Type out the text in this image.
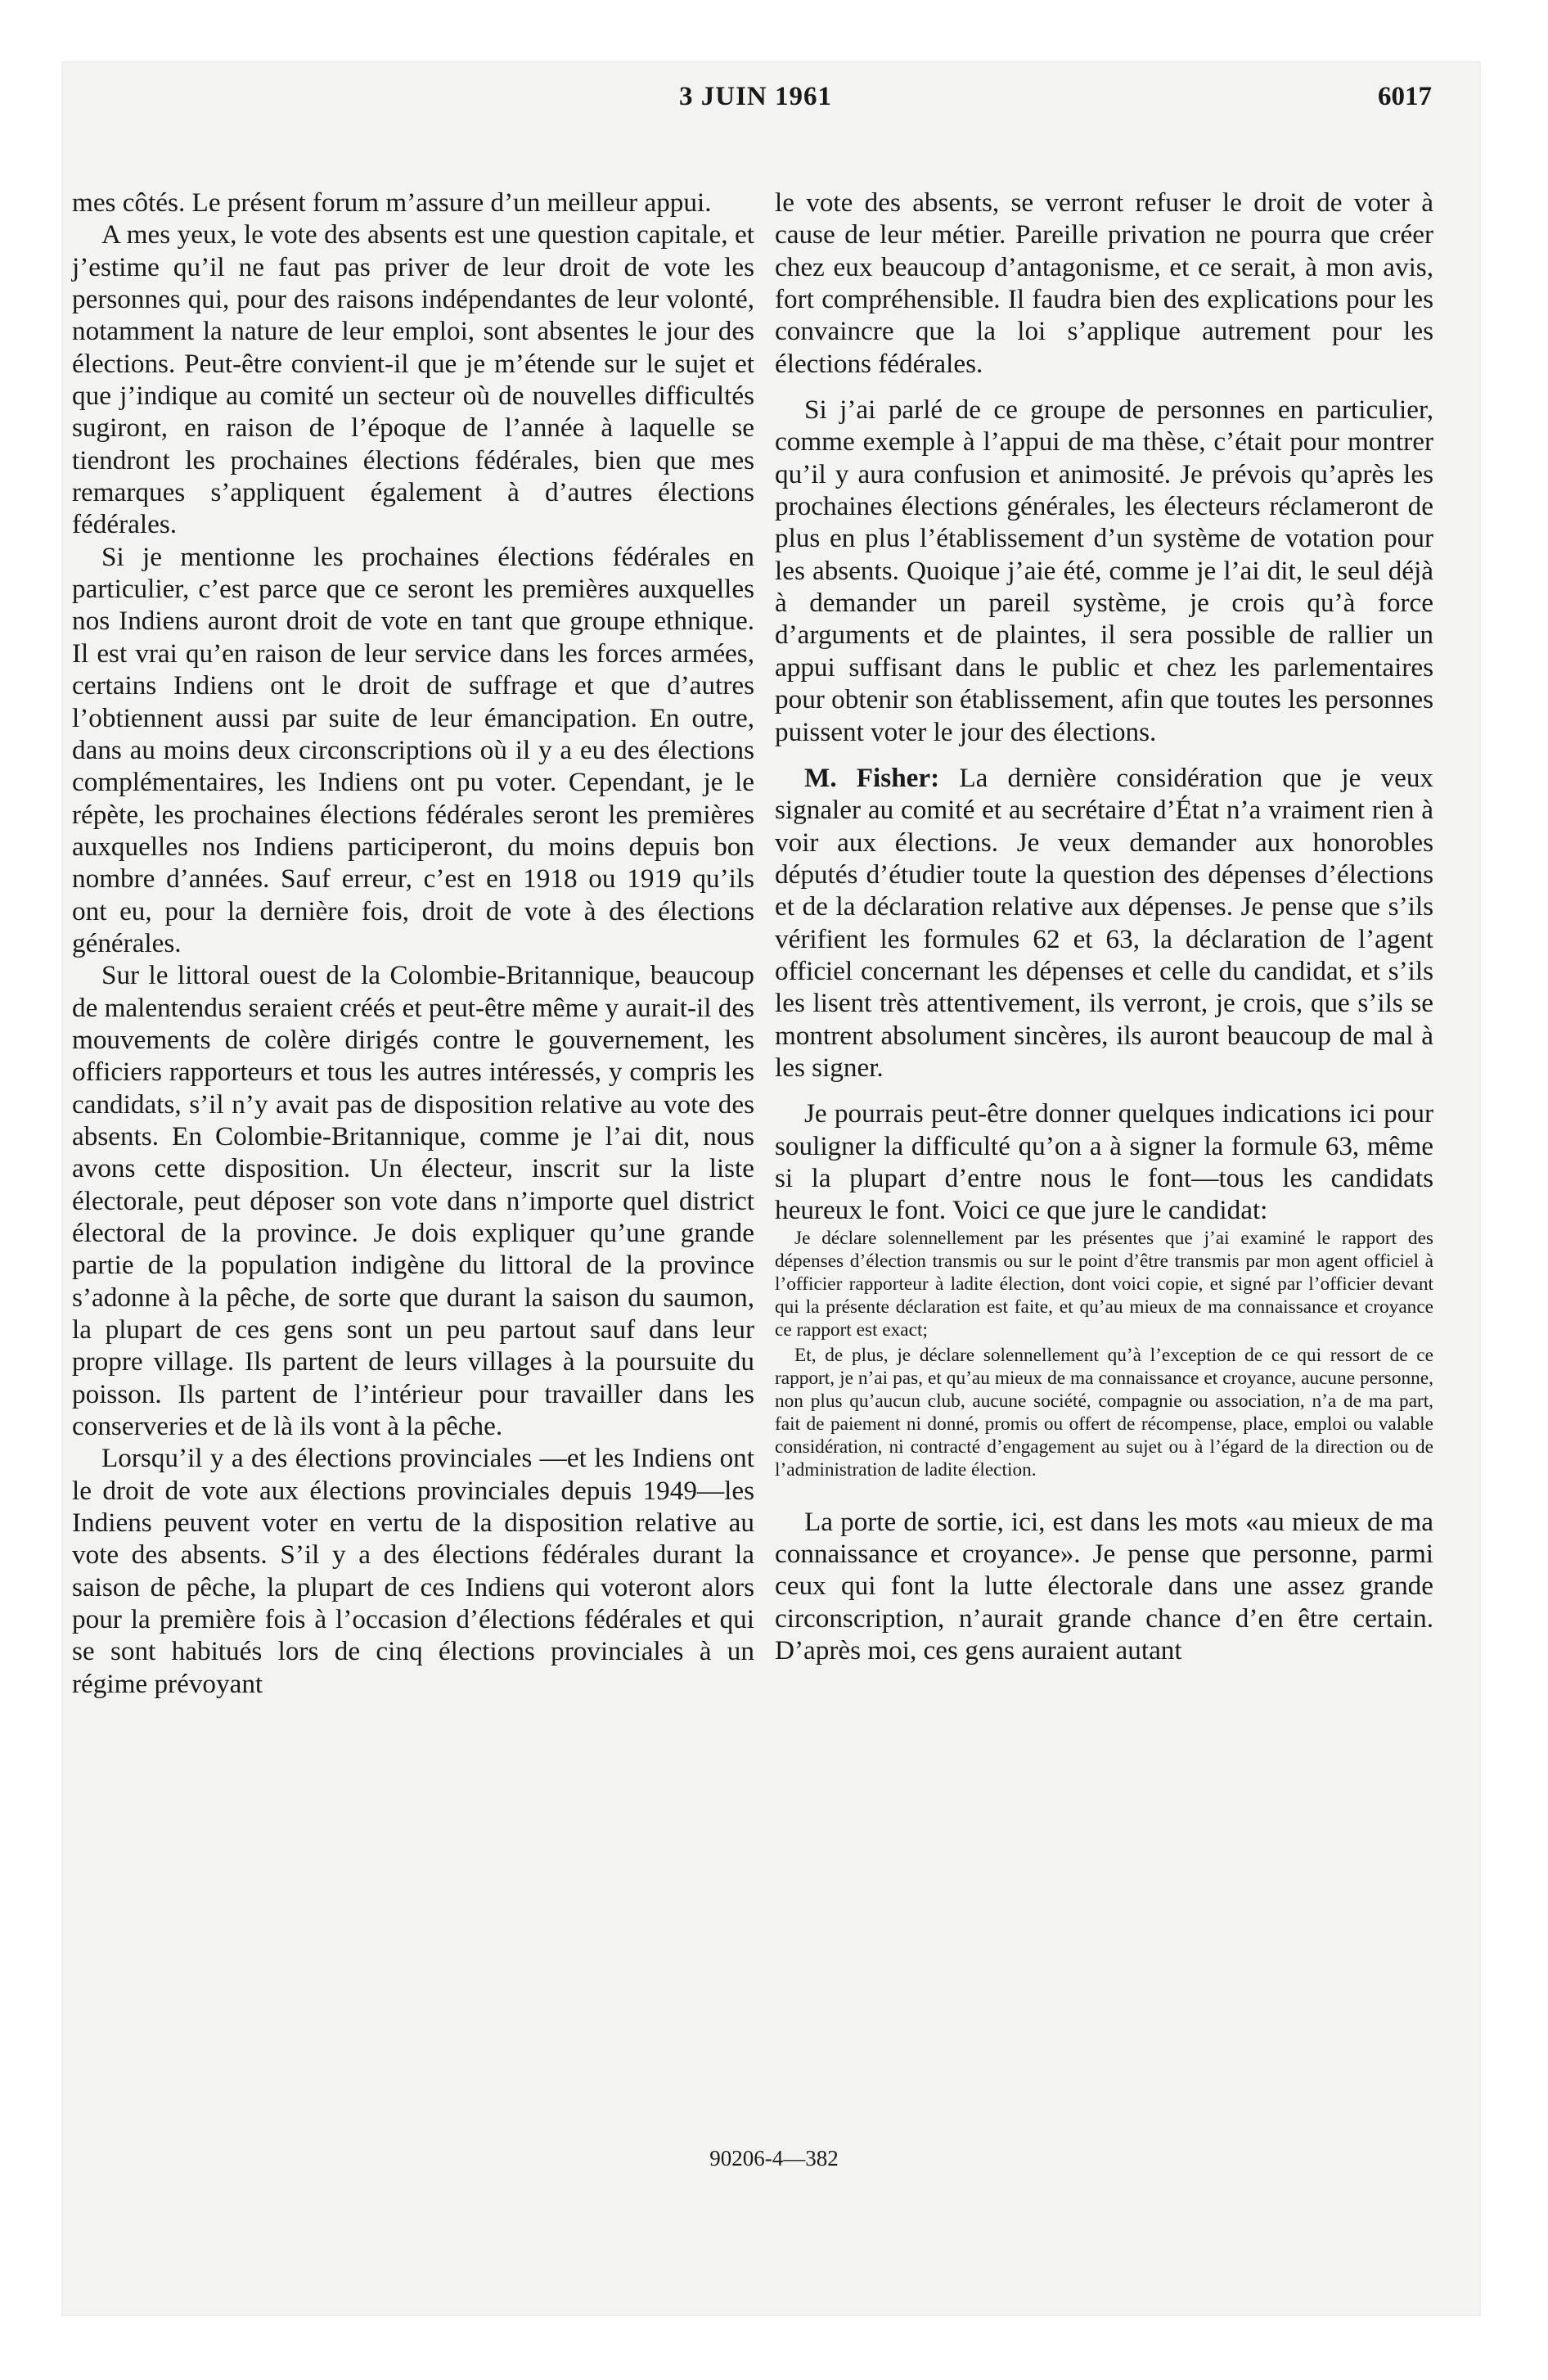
3 JUIN 1961	6017

mes côtés. Le présent forum m’assure d’un meilleur appui.

A mes yeux, le vote des absents est une question capitale, et j’estime qu’il ne faut pas priver de leur droit de vote les personnes qui, pour des raisons indépendantes de leur volonté, notamment la nature de leur emploi, sont absentes le jour des élections. Peut-être convient-il que je m’étende sur le sujet et que j’indique au comité un secteur où de nouvelles difficultés sugiront, en raison de l’époque de l’année à laquelle se tiendront les prochaines élections fédérales, bien que mes remarques s’appliquent également à d’autres élections fédérales.

Si je mentionne les prochaines élections fédérales en particulier, c’est parce que ce seront les premières auxquelles nos Indiens auront droit de vote en tant que groupe ethnique. Il est vrai qu’en raison de leur service dans les forces armées, certains Indiens ont le droit de suffrage et que d’autres l’obtiennent aussi par suite de leur émancipation. En outre, dans au moins deux circonscriptions où il y a eu des élections complémentaires, les Indiens ont pu voter. Cependant, je le répète, les prochaines élections fédérales seront les premières auxquelles nos Indiens participeront, du moins depuis bon nombre d’années. Sauf erreur, c’est en 1918 ou 1919 qu’ils ont eu, pour la dernière fois, droit de vote à des élections générales.

Sur le littoral ouest de la Colombie-Britannique, beaucoup de malentendus seraient créés et peut-être même y aurait-il des mouvements de colère dirigés contre le gouvernement, les officiers rapporteurs et tous les autres intéressés, y compris les candidats, s’il n’y avait pas de disposition relative au vote des absents. En Colombie-Britannique, comme je l’ai dit, nous avons cette disposition. Un électeur, inscrit sur la liste électorale, peut déposer son vote dans n’importe quel district électoral de la province. Je dois expliquer qu’une grande partie de la population indigène du littoral de la province s’adonne à la pêche, de sorte que durant la saison du saumon, la plupart de ces gens sont un peu partout sauf dans leur propre village. Ils partent de leurs villages à la poursuite du poisson. Ils partent de l’intérieur pour travailler dans les conserveries et de là ils vont à la pêche.

Lorsqu’il y a des élections provinciales —et les Indiens ont le droit de vote aux élections provinciales depuis 1949—les Indiens peuvent voter en vertu de la disposition relative au vote des absents. S’il y a des élections fédérales durant la saison de pêche, la plupart de ces Indiens qui voteront alors pour la première fois à l’occasion d’élections fédérales et qui se sont habitués lors de cinq élections provinciales à un régime prévoyant

le vote des absents, se verront refuser le droit de voter à cause de leur métier. Pareille privation ne pourra que créer chez eux beaucoup d’antagonisme, et ce serait, à mon avis, fort compréhensible. Il faudra bien des explications pour les convaincre que la loi s’applique autrement pour les élections fédérales.

Si j’ai parlé de ce groupe de personnes en particulier, comme exemple à l’appui de ma thèse, c’était pour montrer qu’il y aura confusion et animosité. Je prévois qu’après les prochaines élections générales, les électeurs réclameront de plus en plus l’établissement d’un système de votation pour les absents. Quoique j’aie été, comme je l’ai dit, le seul déjà à demander un pareil système, je crois qu’à force d’arguments et de plaintes, il sera possible de rallier un appui suffisant dans le public et chez les parlementaires pour obtenir son établissement, afin que toutes les personnes puissent voter le jour des élections.

M. Fisher: La dernière considération que je veux signaler au comité et au secrétaire d’État n’a vraiment rien à voir aux élections. Je veux demander aux honorobles députés d’étudier toute la question des dépenses d’élections et de la déclaration relative aux dépenses. Je pense que s’ils vérifient les formules 62 et 63, la déclaration de l’agent officiel concernant les dépenses et celle du candidat, et s’ils les lisent très attentivement, ils verront, je crois, que s’ils se montrent absolument sincères, ils auront beaucoup de mal à les signer.

Je pourrais peut-être donner quelques indications ici pour souligner la difficulté qu’on a à signer la formule 63, même si la plupart d’entre nous le font—tous les candidats heureux le font. Voici ce que jure le candidat:

Je déclare solennellement par les présentes que j’ai examiné le rapport des dépenses d’élection transmis ou sur le point d’être transmis par mon agent officiel à l’officier rapporteur à ladite élection, dont voici copie, et signé par l’officier devant qui la présente déclaration est faite, et qu’au mieux de ma connaissance et croyance ce rapport est exact;

Et, de plus, je déclare solennellement qu’à l’exception de ce qui ressort de ce rapport, je n’ai pas, et qu’au mieux de ma connaissance et croyance, aucune personne, non plus qu’aucun club, aucune société, compagnie ou association, n’a de ma part, fait de paiement ni donné, promis ou offert de récompense, place, emploi ou valable considération, ni contracté d’engagement au sujet ou à l’égard de la direction ou de l’administration de ladite élection.

La porte de sortie, ici, est dans les mots «au mieux de ma connaissance et croyance». Je pense que personne, parmi ceux qui font la lutte électorale dans une assez grande circonscription, n’aurait grande chance d’en être certain. D’après moi, ces gens auraient autant

90206-4—382
